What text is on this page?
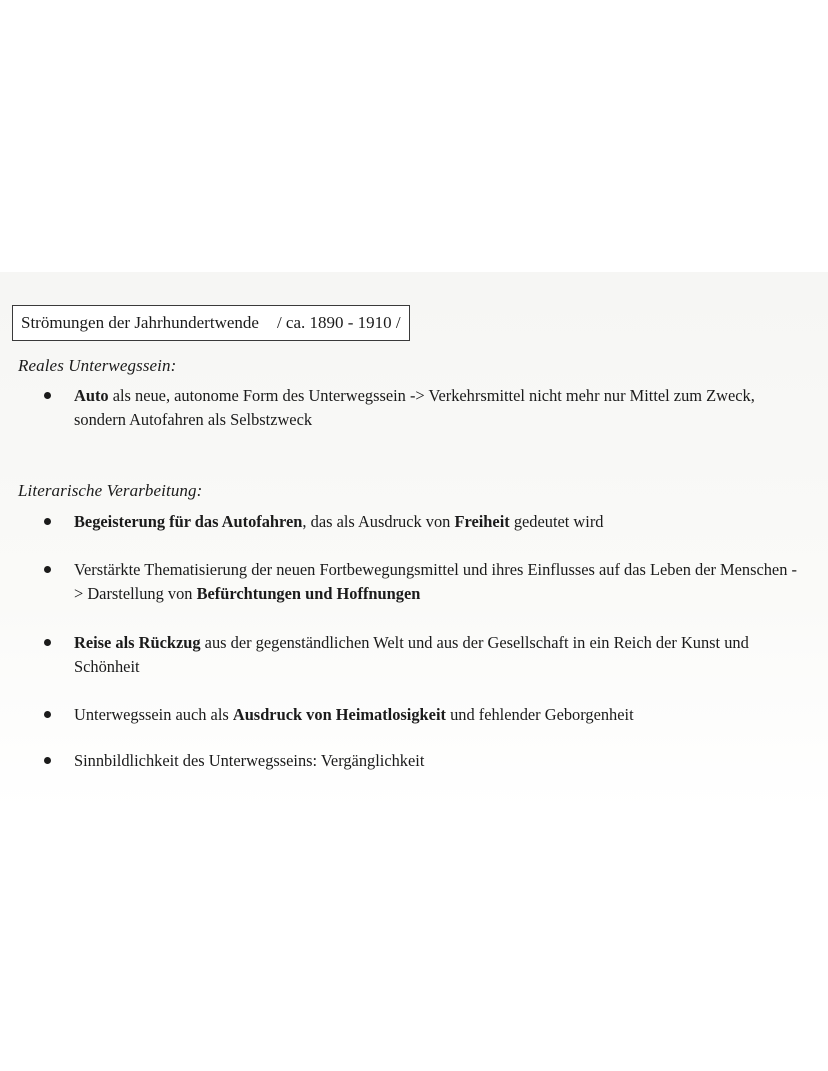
Strömungen der Jahrhundertwende / ca. 1890 - 1910 /
Reales Unterwegssein:
Auto als neue, autonome Form des Unterwegssein -> Verkehrsmittel nicht mehr nur Mittel zum Zweck, sondern Autofahren als Selbstzweck
Literarische Verarbeitung:
Begeisterung für das Autofahren, das als Ausdruck von Freiheit gedeutet wird
Verstärkte Thematisierung der neuen Fortbewegungsmittel und ihres Einflusses auf das Leben der Menschen -> Darstellung von Befürchtungen und Hoffnungen
Reise als Rückzug aus der gegenständlichen Welt und aus der Gesellschaft in ein Reich der Kunst und Schönheit
Unterwegssein auch als Ausdruck von Heimatlosigkeit und fehlender Geborgenheit
Sinnbildlichkeit des Unterwegsseins: Vergänglichkeit
